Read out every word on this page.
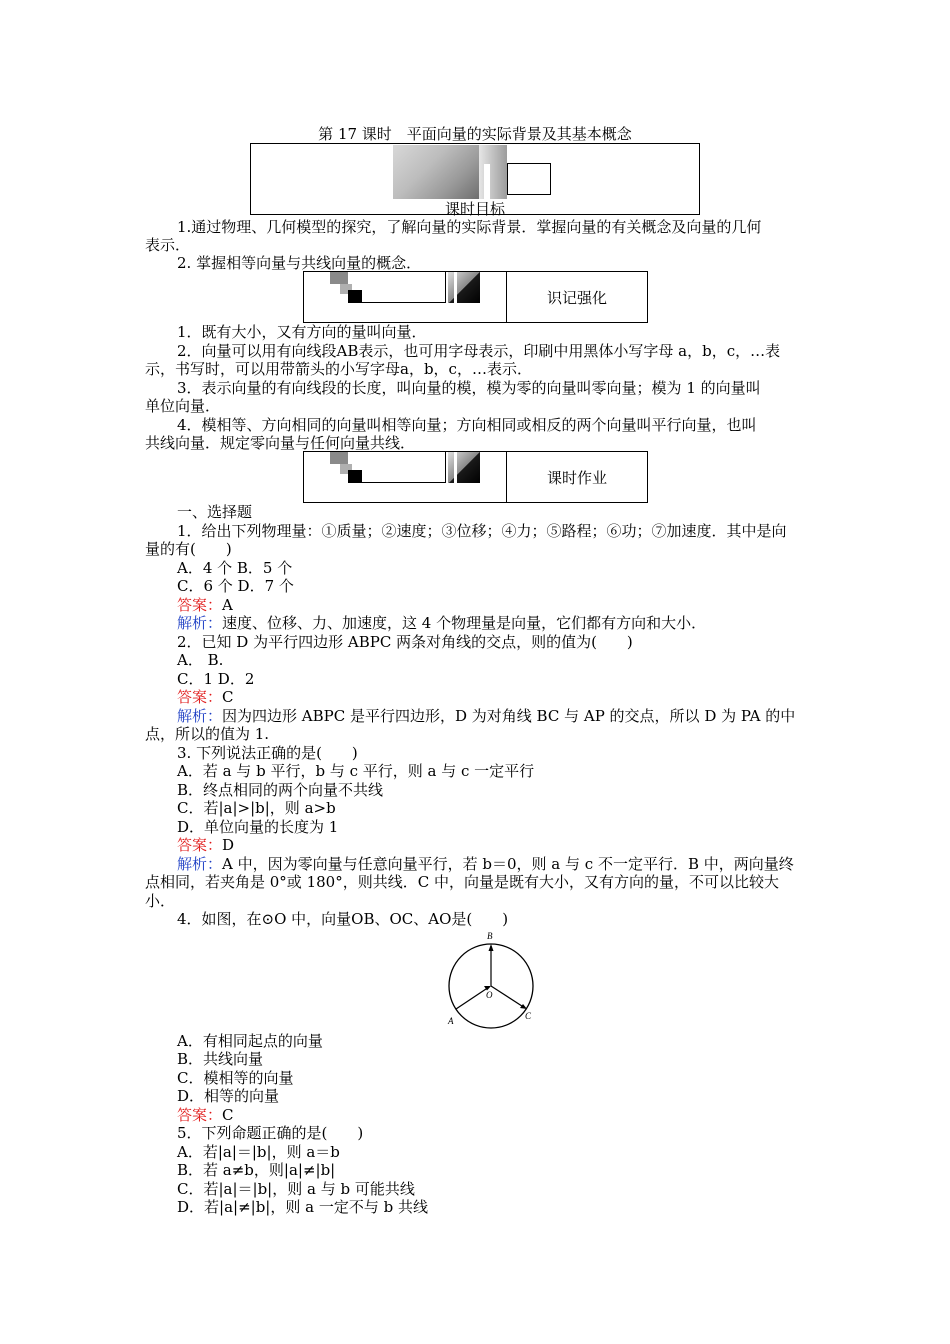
第 17 课时　平面向量的实际背景及其基本概念
课时目标
1.通过物理、几何模型的探究，了解向量的实际背景．掌握向量的有关概念及向量的几何
表示．
2. 掌握相等向量与共线向量的概念．
识记强化
1．既有大小，又有方向的量叫向量．
2．向量可以用有向线段AB表示，也可用字母表示，印刷中用黑体小写字母 a，b，c，…表
示，书写时，可以用带箭头的小写字母a，b，c，…表示．
3．表示向量的有向线段的长度，叫向量的模，模为零的向量叫零向量；模为 1 的向量叫
单位向量．
4．模相等、方向相同的向量叫相等向量；方向相同或相反的两个向量叫平行向量，也叫
共线向量．规定零向量与任何向量共线．
课时作业
一、选择题
1．给出下列物理量：①质量；②速度；③位移；④力；⑤路程；⑥功；⑦加速度．其中是向
量的有(　　)
A．4 个 B．5 个
C．6 个 D．7 个
答案：A
解析：速度、位移、力、加速度，这 4 个物理量是向量，它们都有方向和大小．
2．已知 D 为平行四边形 ABPC 两条对角线的交点，则的值为(　　)
A． B.
C．1 D．2
答案：C
解析：因为四边形 ABPC 是平行四边形，D 为对角线 BC 与 AP 的交点，所以 D 为 PA 的中
点，所以的值为 1.
3. 下列说法正确的是(　　)
A．若 a 与 b 平行，b 与 c 平行，则 a 与 c 一定平行
B．终点相同的两个向量不共线
C．若|a|>|b|，则 a>b
D．单位向量的长度为 1
答案：D
解析：A 中，因为零向量与任意向量平行，若 b＝0，则 a 与 c 不一定平行．B 中，两向量终
点相同，若夹角是 0°或 180°，则共线．C 中，向量是既有大小，又有方向的量，不可以比较大
小．
4．如图，在⊙O 中，向量OB、OC、AO是(　　)
B
O
A	C
A．有相同起点的向量
B．共线向量
C．模相等的向量
D．相等的向量
答案：C
5．下列命题正确的是(　　)
A．若|a|＝|b|，则 a＝b
B．若 a≠b，则|a|≠|b|
C．若|a|＝|b|，则 a 与 b 可能共线
D．若|a|≠|b|，则 a 一定不与 b 共线
